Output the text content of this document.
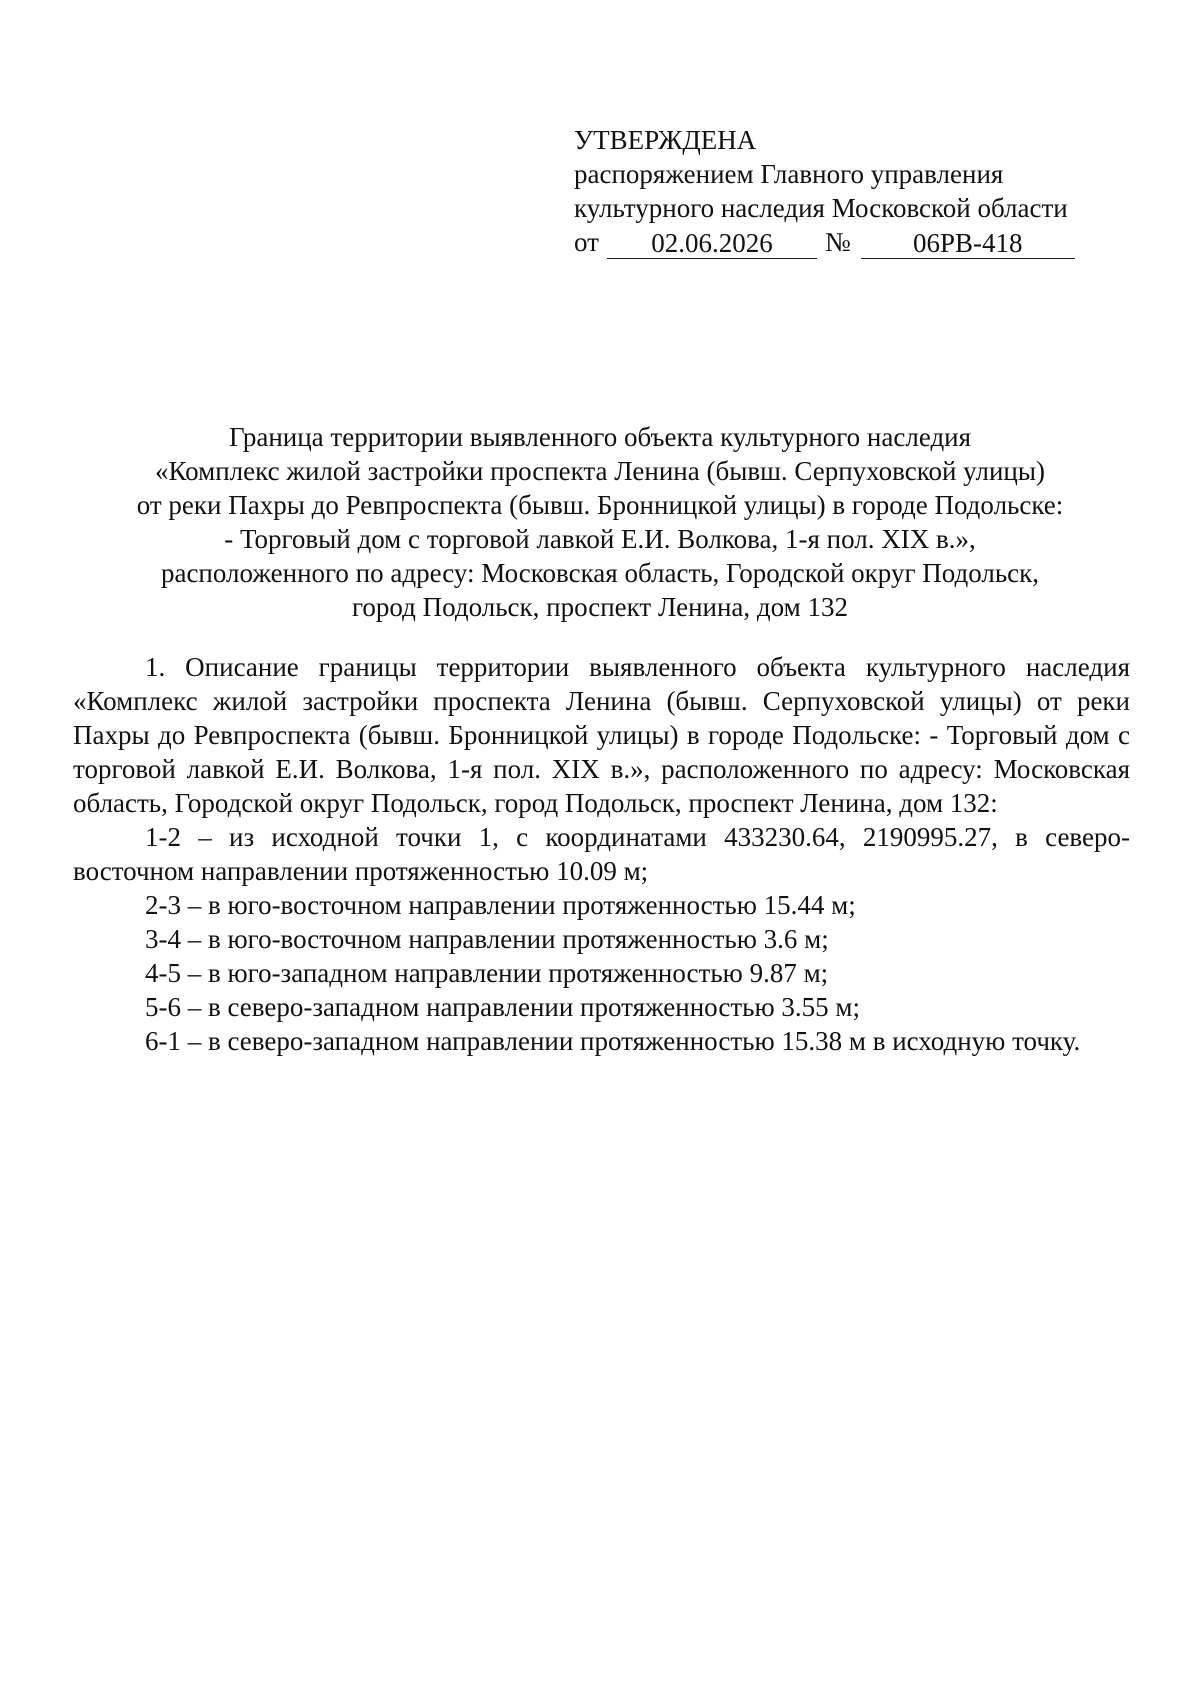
УТВЕРЖДЕНА
распоряжением Главного управления
культурного наследия Московской области
от	02.06.2026	№	06РВ-418
Граница территории выявленного объекта культурного наследия
«Комплекс жилой застройки проспекта Ленина (бывш. Серпуховской улицы)
от реки Пахры до Ревпроспекта (бывш. Бронницкой улицы) в городе Подольске:
- Торговый дом с торговой лавкой Е.И. Волкова, 1-я пол. XIX в.»,
расположенного по адресу: Московская область, Городской округ Подольск,
город Подольск, проспект Ленина, дом 132

1. Описание границы территории выявленного объекта культурного наследия «Комплекс жилой застройки проспекта Ленина (бывш. Серпуховской улицы) от реки Пахры до Ревпроспекта (бывш. Бронницкой улицы) в городе Подольске: - Торговый дом с торговой лавкой Е.И. Волкова, 1-я пол. XIX в.», расположенного по адресу: Московская область, Городской округ Подольск, город Подольск, проспект Ленина, дом 132:

1-2 – из исходной точки 1, с координатами 433230.64, 2190995.27, в северо-восточном направлении протяженностью 10.09 м;

2-3 – в юго-восточном направлении протяженностью 15.44 м;

3-4 – в юго-восточном направлении протяженностью 3.6 м;

4-5 – в юго-западном направлении протяженностью 9.87 м;

5-6 – в северо-западном направлении протяженностью 3.55 м;

6-1 – в северо-западном направлении протяженностью 15.38 м в исходную точку.
